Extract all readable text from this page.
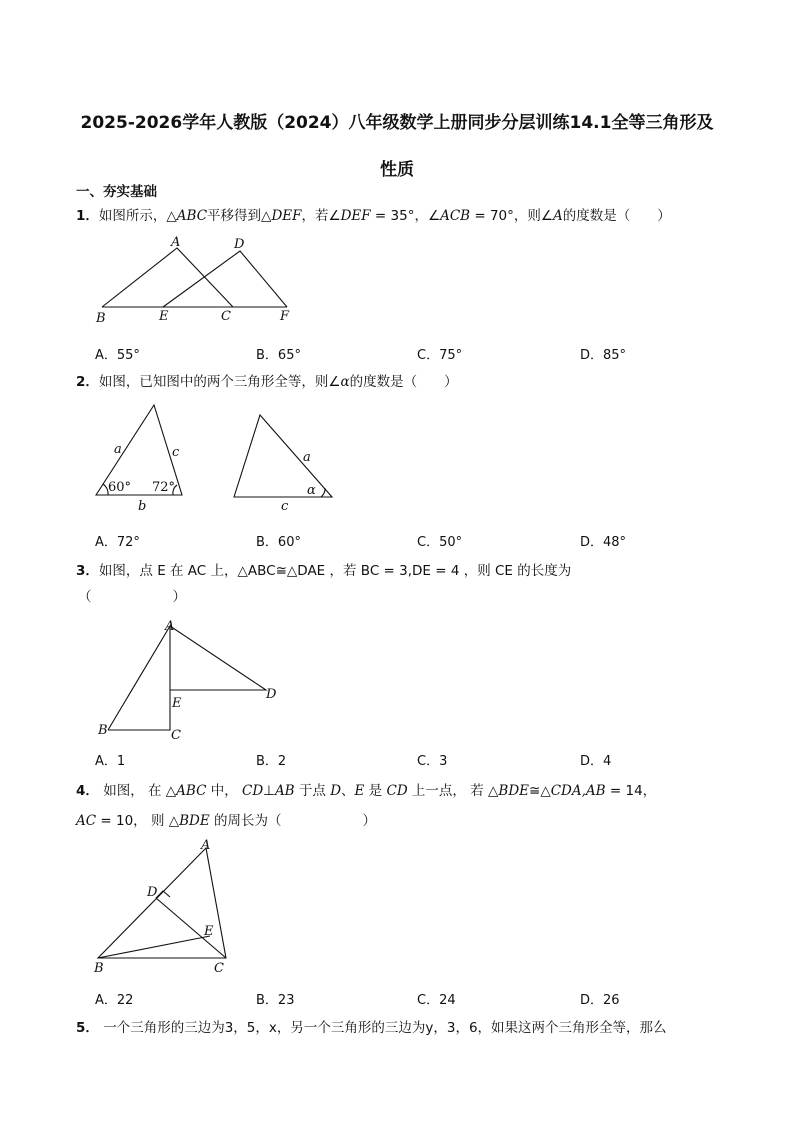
2025-2026学年人教版（2024）八年级数学上册同步分层训练14.1全等三角形及
性质
一、夯实基础
1．如图所示，△ABC平移得到△DEF，若∠DEF = 35°，∠ACB = 70°，则∠A的度数是（　　）
A	D
B	E	C	F
A．55°	B．65°	C．75°	D．85°
2．如图，已知图中的两个三角形全等，则∠α的度数是（　　）
a	c
b
60° 72°
a
c
α
A．72°	B．60°	C．50°	D．48°
3．如图，点 E 在 AC 上，△ABC≅△DAE ，若 BC = 3,DE = 4 ，则 CE 的长度为
（　　　　　　）
A
D
E
B	C
A．1	B．2	C．3	D．4
4． 如图， 在 △ABC 中， CD⊥AB 于点 D、E 是 CD 上一点， 若 △BDE≅△CDA,AB = 14，
AC = 10， 则 △BDE 的周长为（　　　　　　）
A
D
E
B	C
A．22	B．23	C．24	D．26
5． 一个三角形的三边为3，5，x，另一个三角形的三边为y，3，6，如果这两个三角形全等，那么
